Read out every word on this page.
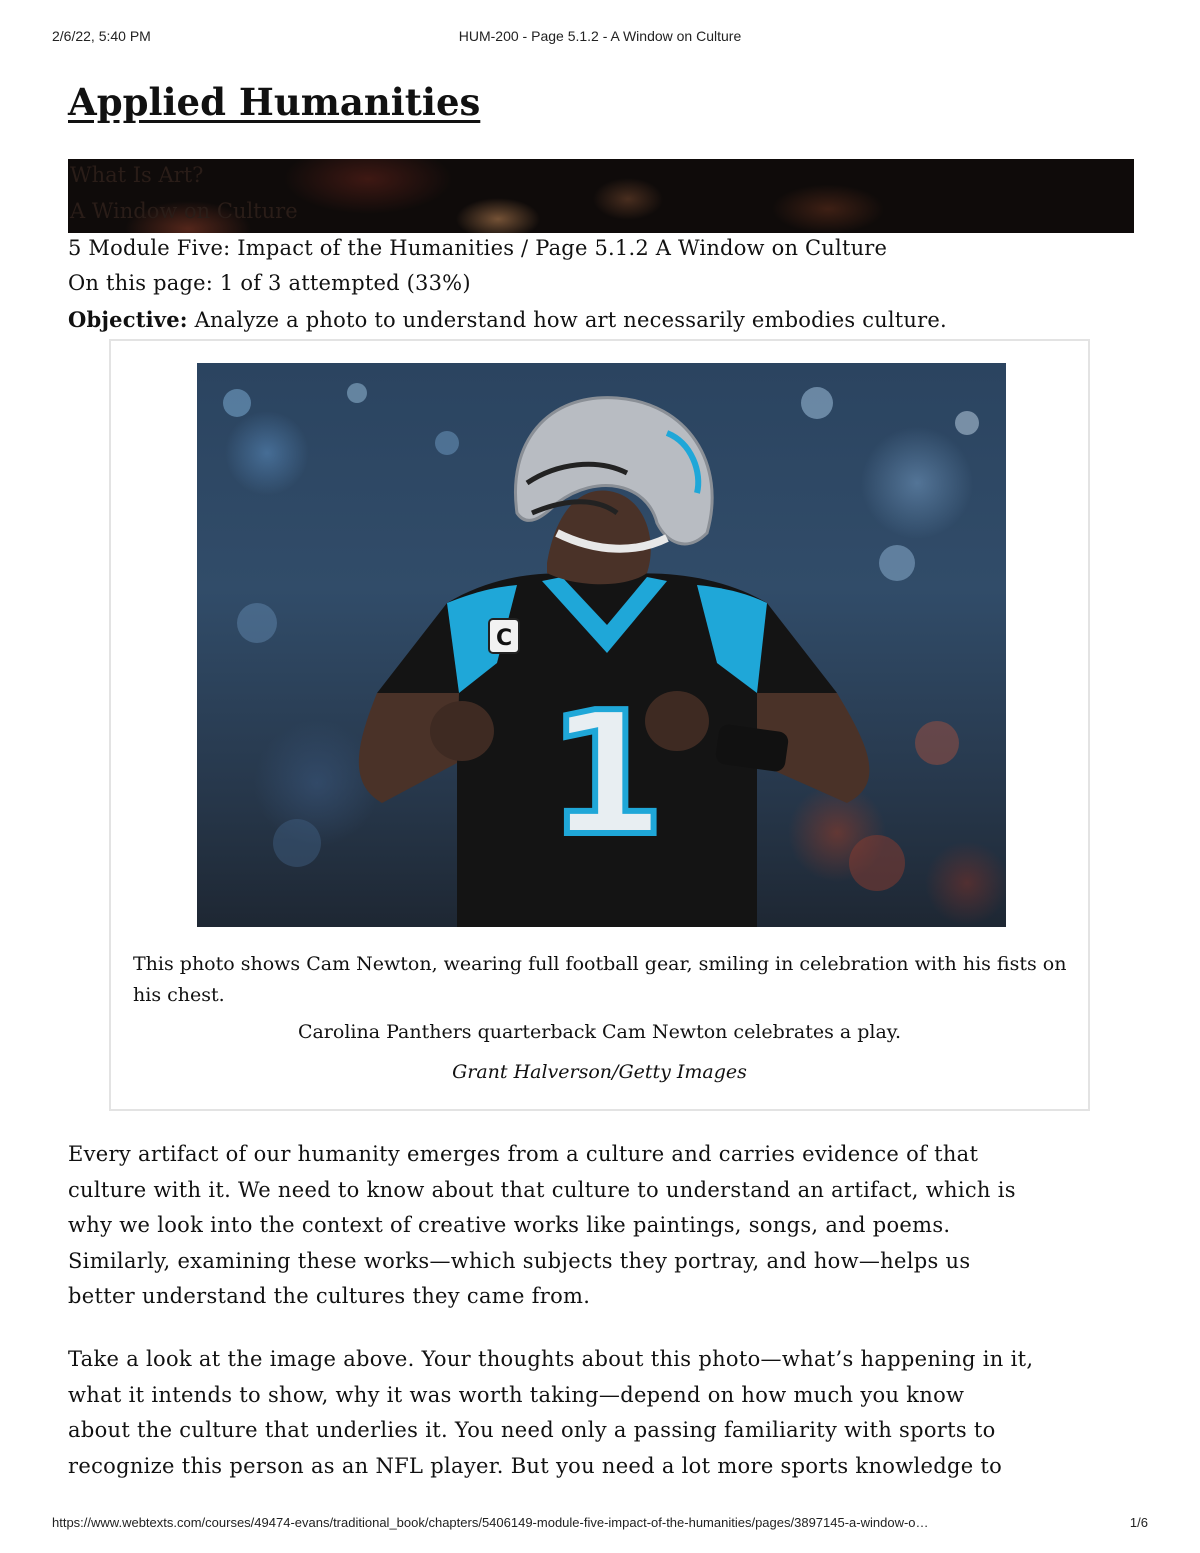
2/6/22, 5:40 PM	HUM-200 - Page 5.1.2 - A Window on Culture
Applied Humanities
What Is Art?
A Window on Culture
5 Module Five: Impact of the Humanities / Page 5.1.2 A Window on Culture
On this page: 1 of 3 attempted (33%)
Objective: Analyze a photo to understand how art necessarily embodies culture.
1
C
This photo shows Cam Newton, wearing full football gear, smiling in celebration with his fists on his chest.
Carolina Panthers quarterback Cam Newton celebrates a play.
Grant Halverson/Getty Images
Every artifact of our humanity emerges from a culture and carries evidence of that
culture with it. We need to know about that culture to understand an artifact, which is
why we look into the context of creative works like paintings, songs, and poems.
Similarly, examining these works—which subjects they portray, and how—helps us
better understand the cultures they came from.
Take a look at the image above. Your thoughts about this photo—what’s happening in it,
what it intends to show, why it was worth taking—depend on how much you know
about the culture that underlies it. You need only a passing familiarity with sports to
recognize this person as an NFL player. But you need a lot more sports knowledge to
https://www.webtexts.com/courses/49474-evans/traditional_book/chapters/5406149-module-five-impact-of-the-humanities/pages/3897145-a-window-o…	1/6
